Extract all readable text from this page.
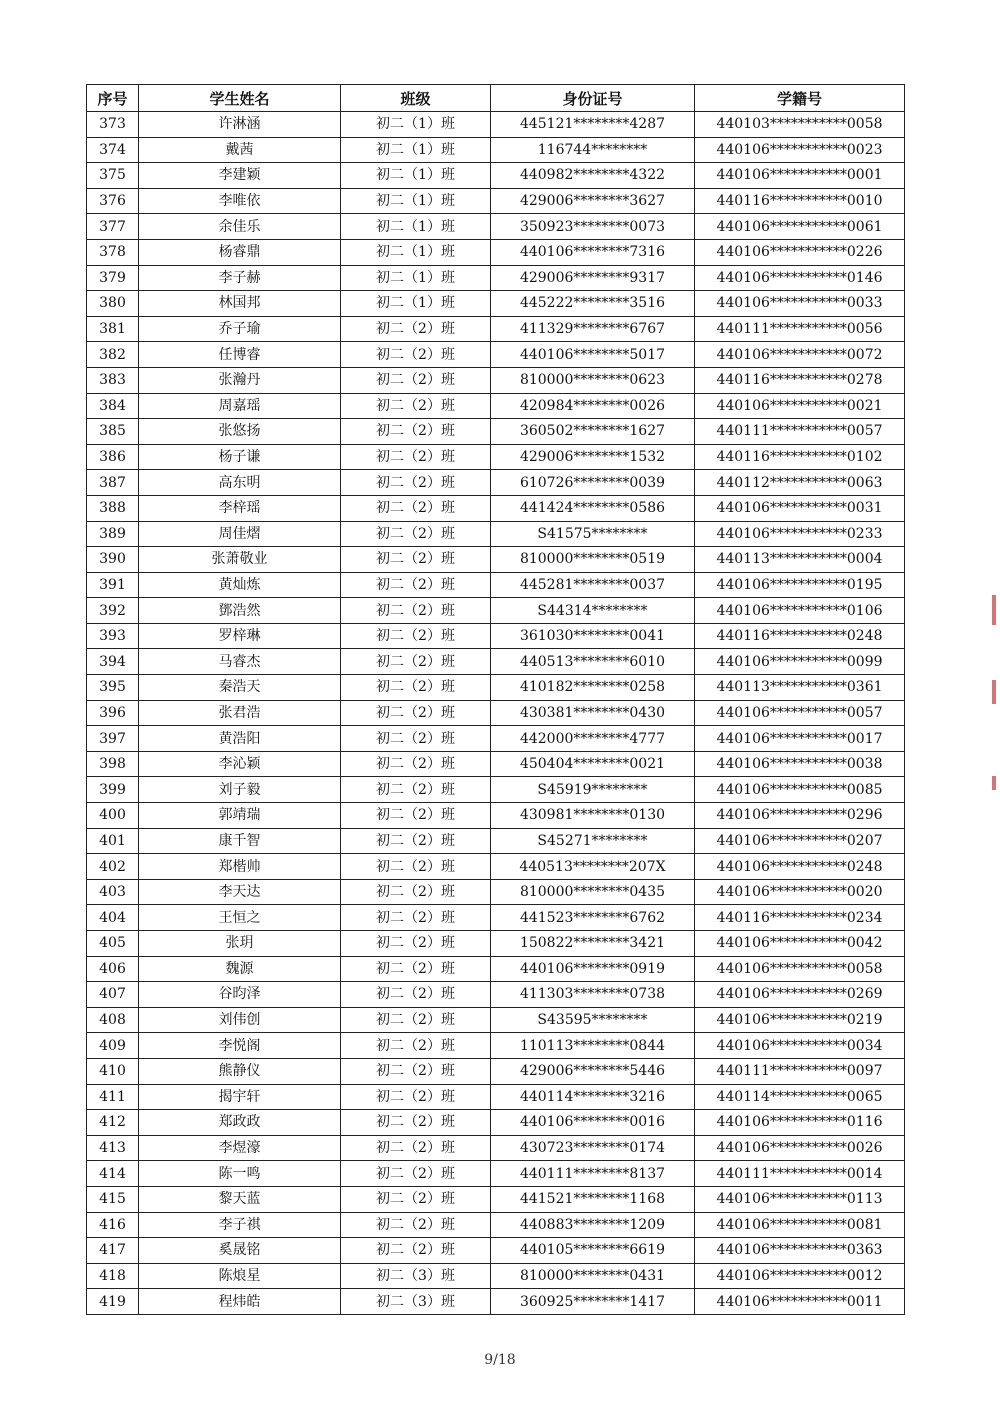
序号	学生姓名	班级	身份证号	学籍号
373	许淋涵	初二（1）班	445121********4287	440103***********0058
374	戴茜	初二（1）班	116744********	440106***********0023
375	李建颖	初二（1）班	440982********4322	440106***********0001
376	李唯依	初二（1）班	429006********3627	440116***********0010
377	余佳乐	初二（1）班	350923********0073	440106***********0061
378	杨睿鼎	初二（1）班	440106********7316	440106***********0226
379	李子赫	初二（1）班	429006********9317	440106***********0146
380	林国邦	初二（1）班	445222********3516	440106***********0033
381	乔子瑜	初二（2）班	411329********6767	440111***********0056
382	任博睿	初二（2）班	440106********5017	440106***********0072
383	张瀚丹	初二（2）班	810000********0623	440116***********0278
384	周嘉瑶	初二（2）班	420984********0026	440106***********0021
385	张悠扬	初二（2）班	360502********1627	440111***********0057
386	杨子谦	初二（2）班	429006********1532	440116***********0102
387	高东明	初二（2）班	610726********0039	440112***********0063
388	李梓瑶	初二（2）班	441424********0586	440106***********0031
389	周佳熠	初二（2）班	S41575********	440106***********0233
390	张萧敬业	初二（2）班	810000********0519	440113***********0004
391	黄灿炼	初二（2）班	445281********0037	440106***********0195
392	鄧浩然	初二（2）班	S44314********	440106***********0106
393	罗梓琳	初二（2）班	361030********0041	440116***********0248
394	马睿杰	初二（2）班	440513********6010	440106***********0099
395	秦浩天	初二（2）班	410182********0258	440113***********0361
396	张君浩	初二（2）班	430381********0430	440106***********0057
397	黄浩阳	初二（2）班	442000********4777	440106***********0017
398	李沁颖	初二（2）班	450404********0021	440106***********0038
399	刘子毅	初二（2）班	S45919********	440106***********0085
400	郭靖瑞	初二（2）班	430981********0130	440106***********0296
401	康千智	初二（2）班	S45271********	440106***********0207
402	郑楷帅	初二（2）班	440513********207X	440106***********0248
403	李天达	初二（2）班	810000********0435	440106***********0020
404	王恒之	初二（2）班	441523********6762	440116***********0234
405	张玥	初二（2）班	150822********3421	440106***********0042
406	魏源	初二（2）班	440106********0919	440106***********0058
407	谷昀泽	初二（2）班	411303********0738	440106***********0269
408	刘伟创	初二（2）班	S43595********	440106***********0219
409	李悦阁	初二（2）班	110113********0844	440106***********0034
410	熊静仪	初二（2）班	429006********5446	440111***********0097
411	揭宇轩	初二（2）班	440114********3216	440114***********0065
412	郑政政	初二（2）班	440106********0016	440106***********0116
413	李煜濠	初二（2）班	430723********0174	440106***********0026
414	陈一鸣	初二（2）班	440111********8137	440111***********0014
415	黎天蓝	初二（2）班	441521********1168	440106***********0113
416	李子祺	初二（2）班	440883********1209	440106***********0081
417	奚晟铭	初二（2）班	440105********6619	440106***********0363
418	陈烺星	初二（3）班	810000********0431	440106***********0012
419	程炜皓	初二（3）班	360925********1417	440106***********0011
9/18
